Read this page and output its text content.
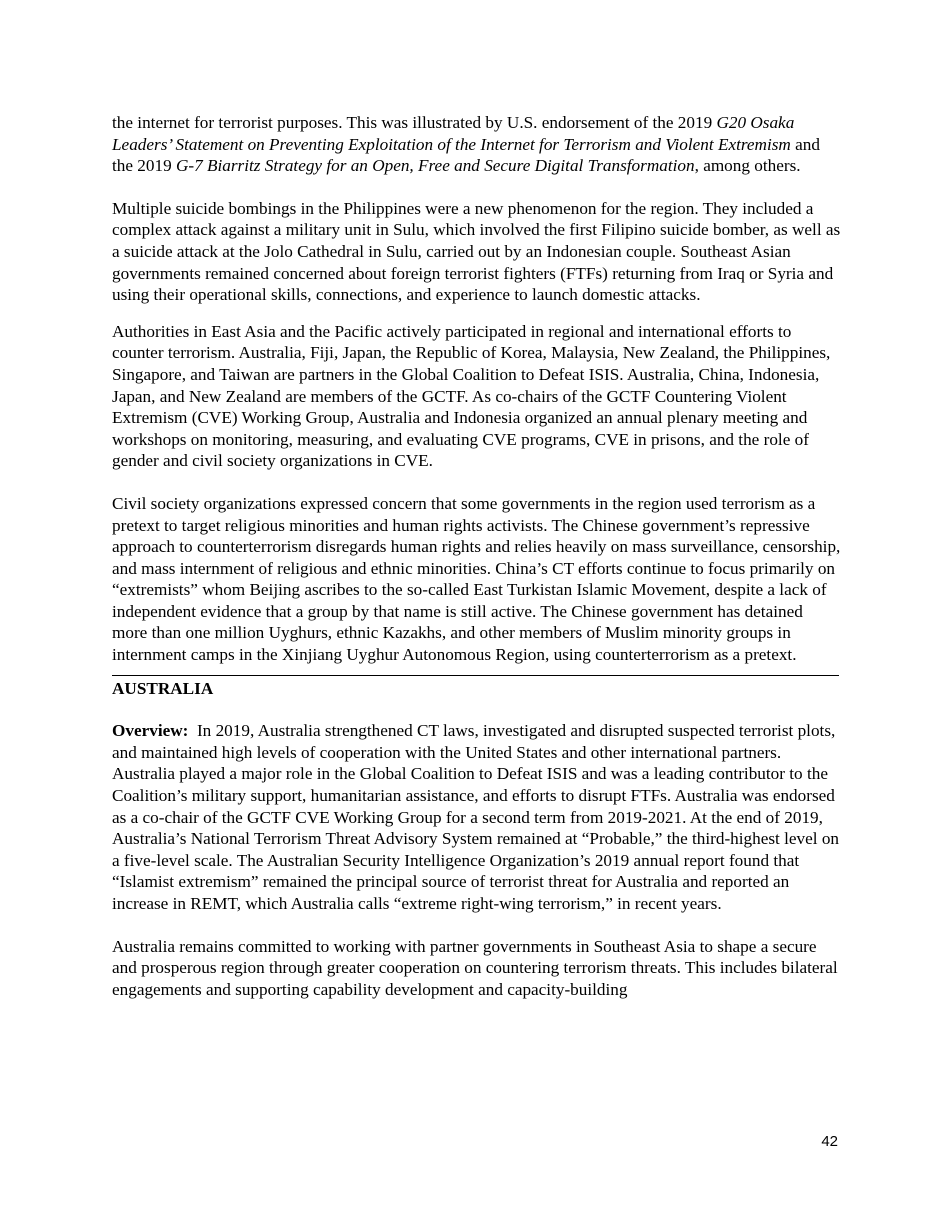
the internet for terrorist purposes. This was illustrated by U.S. endorsement of the 2019 G20 Osaka Leaders’ Statement on Preventing Exploitation of the Internet for Terrorism and Violent Extremism and the 2019 G-7 Biarritz Strategy for an Open, Free and Secure Digital Transformation, among others.

Multiple suicide bombings in the Philippines were a new phenomenon for the region. They included a complex attack against a military unit in Sulu, which involved the first Filipino suicide bomber, as well as a suicide attack at the Jolo Cathedral in Sulu, carried out by an Indonesian couple. Southeast Asian governments remained concerned about foreign terrorist fighters (FTFs) returning from Iraq or Syria and using their operational skills, connections, and experience to launch domestic attacks.

Authorities in East Asia and the Pacific actively participated in regional and international efforts to counter terrorism. Australia, Fiji, Japan, the Republic of Korea, Malaysia, New Zealand, the Philippines, Singapore, and Taiwan are partners in the Global Coalition to Defeat ISIS. Australia, China, Indonesia, Japan, and New Zealand are members of the GCTF. As co-chairs of the GCTF Countering Violent Extremism (CVE) Working Group, Australia and Indonesia organized an annual plenary meeting and workshops on monitoring, measuring, and evaluating CVE programs, CVE in prisons, and the role of gender and civil society organizations in CVE.

Civil society organizations expressed concern that some governments in the region used terrorism as a pretext to target religious minorities and human rights activists. The Chinese government’s repressive approach to counterterrorism disregards human rights and relies heavily on mass surveillance, censorship, and mass internment of religious and ethnic minorities. China’s CT efforts continue to focus primarily on “extremists” whom Beijing ascribes to the so-called East Turkistan Islamic Movement, despite a lack of independent evidence that a group by that name is still active. The Chinese government has detained more than one million Uyghurs, ethnic Kazakhs, and other members of Muslim minority groups in internment camps in the Xinjiang Uyghur Autonomous Region, using counterterrorism as a pretext.

AUSTRALIA

Overview: In 2019, Australia strengthened CT laws, investigated and disrupted suspected terrorist plots, and maintained high levels of cooperation with the United States and other international partners. Australia played a major role in the Global Coalition to Defeat ISIS and was a leading contributor to the Coalition’s military support, humanitarian assistance, and efforts to disrupt FTFs. Australia was endorsed as a co-chair of the GCTF CVE Working Group for a second term from 2019-2021. At the end of 2019, Australia’s National Terrorism Threat Advisory System remained at “Probable,” the third-highest level on a five-level scale. The Australian Security Intelligence Organization’s 2019 annual report found that “Islamist extremism” remained the principal source of terrorist threat for Australia and reported an increase in REMT, which Australia calls “extreme right-wing terrorism,” in recent years.

Australia remains committed to working with partner governments in Southeast Asia to shape a secure and prosperous region through greater cooperation on countering terrorism threats. This includes bilateral engagements and supporting capability development and capacity-building

42
